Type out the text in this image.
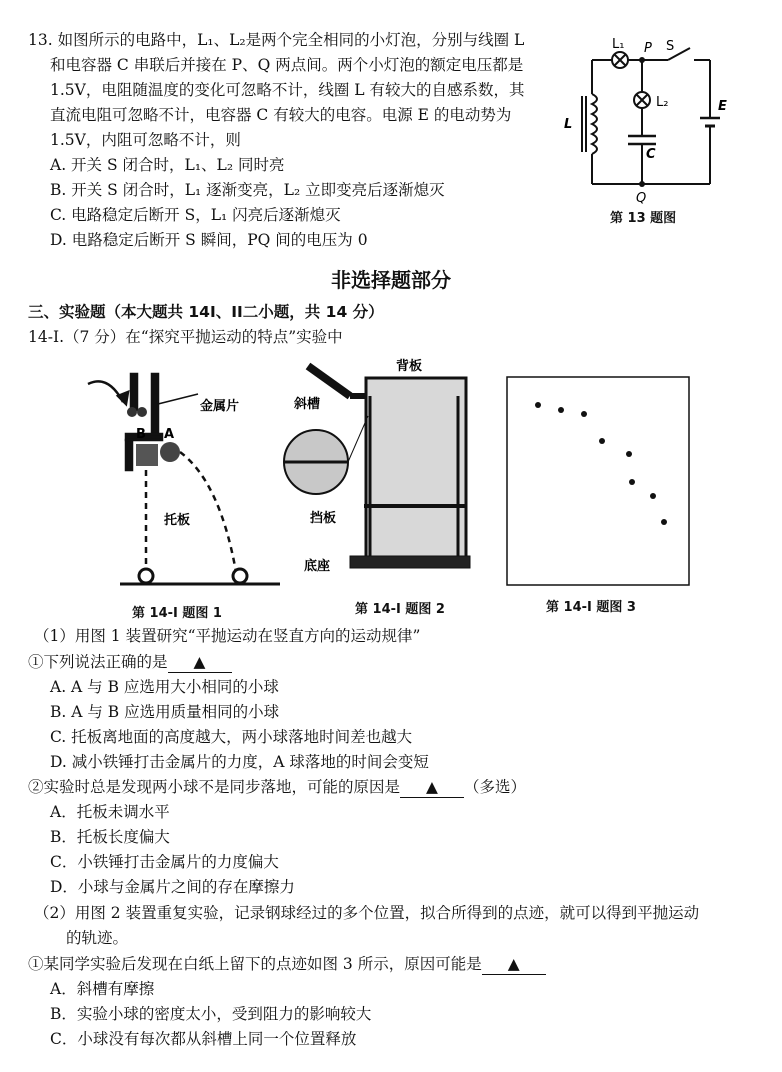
13. 如图所示的电路中，L₁、L₂是两个完全相同的小灯泡，分别与线圈 L
和电容器 C 串联后并接在 P、Q 两点间。两个小灯泡的额定电压都是
1.5V，电阻随温度的变化可忽略不计，线圈 L 有较大的自感系数，其
直流电阻可忽略不计，电容器 C 有较大的电容。电源 E 的电动势为
1.5V，内阻可忽略不计，则
A. 开关 S 闭合时，L₁、L₂ 同时亮
B. 开关 S 闭合时，L₁ 逐渐变亮，L₂ 立即变亮后逐渐熄灭
C. 电路稳定后断开 S，L₁ 闪亮后逐渐熄灭
D. 电路稳定后断开 S 瞬间，PQ 间的电压为 0
L₁ P S
L₂
L
C
E
Q
第 13 题图
非选择题部分
三、实验题（本大题共 14I、II二小题，共 14 分）
14-I.（7 分）在“探究平抛运动的特点”实验中
B A
金属片
托板
第 14-I 题图 1
背板
斜槽
挡板
底座
第 14-I 题图 2	第 14-I 题图 3
（1）用图 1 装置研究“平抛运动在竖直方向的运动规律”
①下列说法正确的是 ▲
A. A 与 B 应选用大小相同的小球
B. A 与 B 应选用质量相同的小球
C. 托板离地面的高度越大，两小球落地时间差也越大
D. 减小铁锤打击金属片的力度，A 球落地的时间会变短
②实验时总是发现两小球不是同步落地，可能的原因是 ▲ （多选）
A．托板未调水平
B．托板长度偏大
C．小铁锤打击金属片的力度偏大
D．小球与金属片之间的存在摩擦力
（2）用图 2 装置重复实验，记录钢球经过的多个位置，拟合所得到的点迹，就可以得到平抛运动
的轨迹。
①某同学实验后发现在白纸上留下的点迹如图 3 所示，原因可能是 ▲
A．斜槽有摩擦
B．实验小球的密度太小，受到阻力的影响较大
C．小球没有每次都从斜槽上同一个位置释放
